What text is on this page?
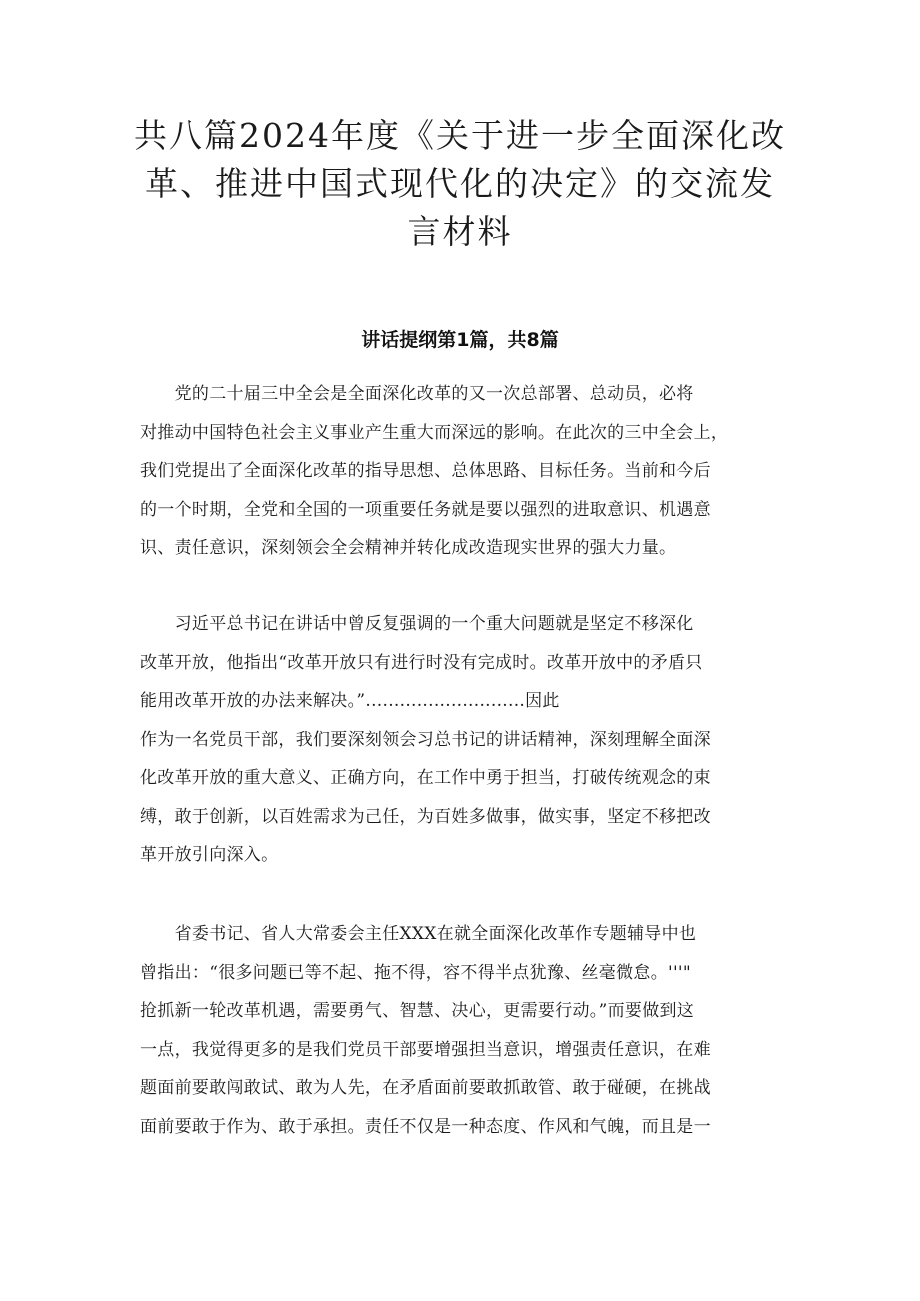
共八篇2024年度《关于进一步全面深化改
革、推进中国式现代化的决定》的交流发
言材料
讲话提纲第1篇，共8篇
　　党的二十届三中全会是全面深化改革的又一次总部署、总动员，必将
对推动中国特色社会主义事业产生重大而深远的影响。在此次的三中全会上，
我们党提出了全面深化改革的指导思想、总体思路、目标任务。当前和今后
的一个时期，全党和全国的一项重要任务就是要以强烈的进取意识、机遇意
识、责任意识，深刻领会全会精神并转化成改造现实世界的强大力量。
　　习近平总书记在讲话中曾反复强调的一个重大问题就是坚定不移深化
改革开放，他指出“改革开放只有进行时没有完成时。改革开放中的矛盾只
能用改革开放的办法来解决。”............................因此
作为一名党员干部，我们要深刻领会习总书记的讲话精神，深刻理解全面深
化改革开放的重大意义、正确方向，在工作中勇于担当，打破传统观念的束
缚，敢于创新，以百姓需求为己任，为百姓多做事，做实事，坚定不移把改
革开放引向深入。
　　省委书记、省人大常委会主任XXX在就全面深化改革作专题辅导中也
曾指出：“很多问题已等不起、拖不得，容不得半点犹豫、丝毫微怠。'''"
抢抓新一轮改革机遇，需要勇气、智慧、决心，更需要行动。”而要做到这
一点，我觉得更多的是我们党员干部要增强担当意识，增强责任意识，在难
题面前要敢闯敢试、敢为人先，在矛盾面前要敢抓敢管、敢于碰硬，在挑战
面前要敢于作为、敢于承担。责任不仅是一种态度、作风和气魄，而且是一
